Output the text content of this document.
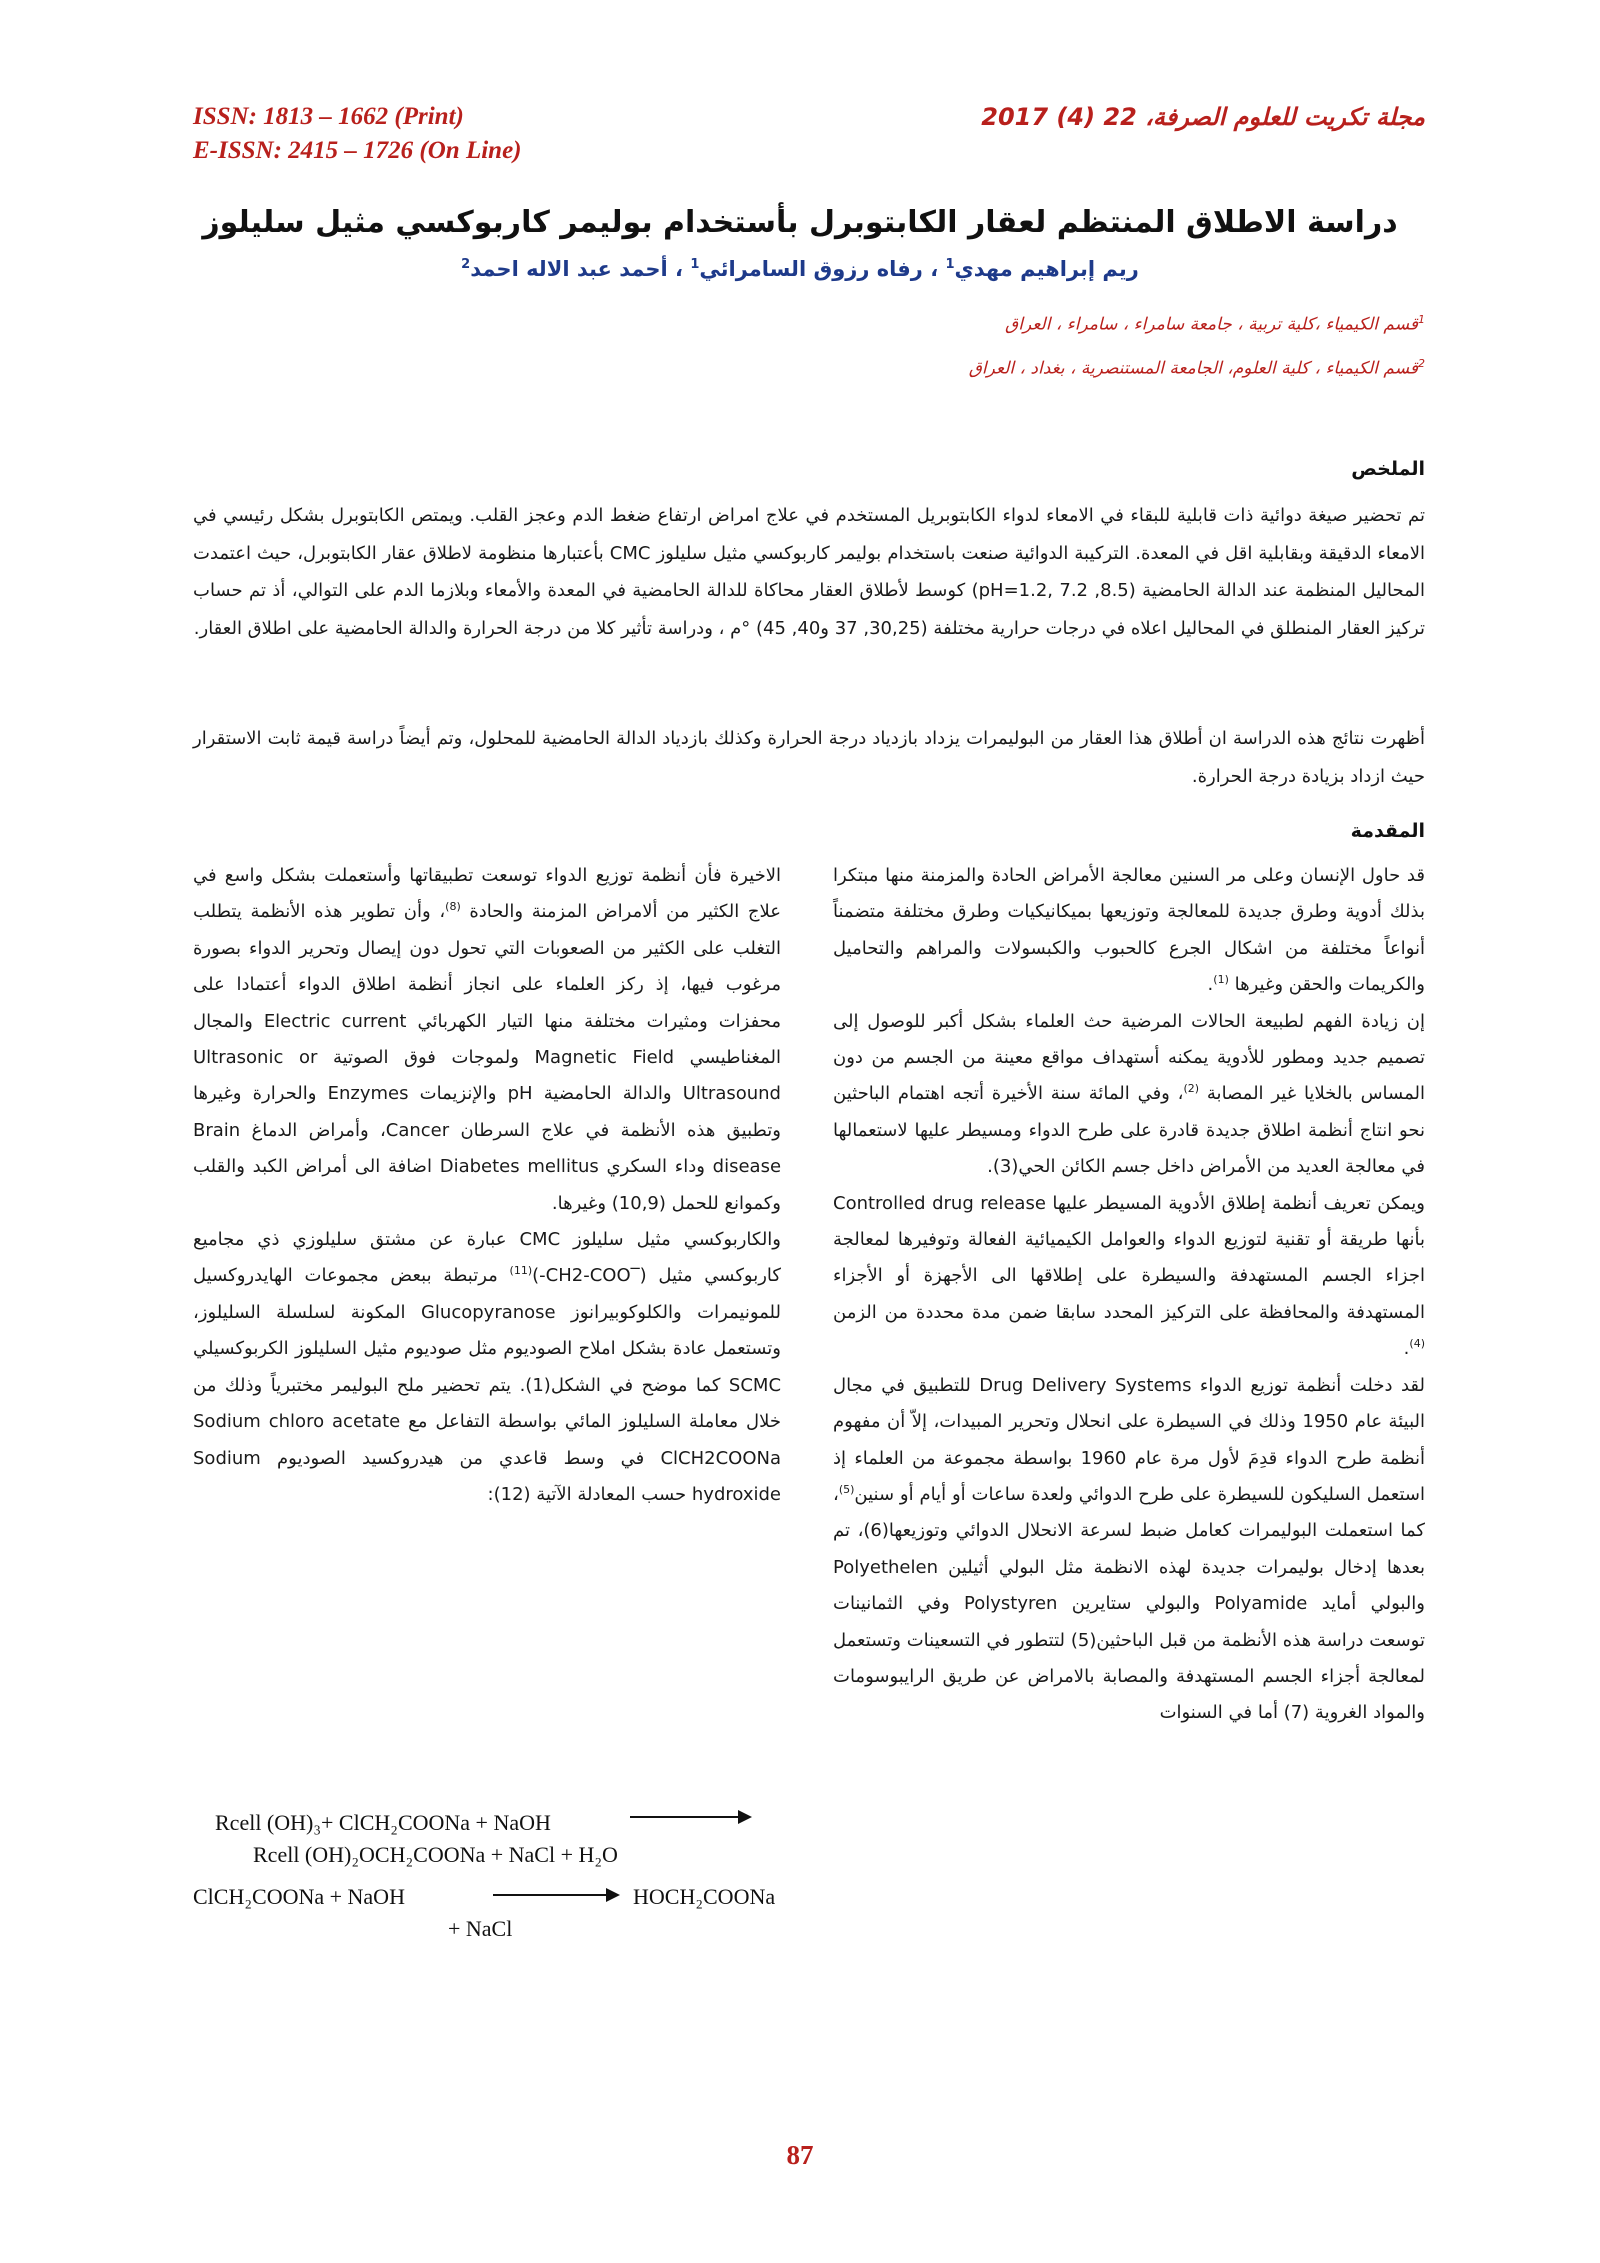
ISSN: 1813 – 1662 (Print)
E-ISSN: 2415 – 1726 (On Line)
مجلة تكريت للعلوم الصرفة، 22 (4) 2017
دراسة الاطلاق المنتظم لعقار الكابتوبرل بأستخدام بوليمر كاربوكسي مثيل سليلوز
ريم إبراهيم مهدي$^1$ ، رفاه رزوق السامرائي$^1$ ، أحمد عبد الاله احمد$^2$
$^1$قسم الكيمياء ،كلية تربية ، جامعة سامراء ، سامراء ، العراق
$^2$قسم الكيمياء ، كلية العلوم، الجامعة المستنصرية ، بغداد ، العراق
الملخص
تم تحضير صيغة دوائية ذات قابلية للبقاء في الامعاء لدواء الكابتوبريل المستخدم في علاج امراض ارتفاع ضغط الدم وعجز القلب. ويمتص الكابتوبرل بشكل رئيسي في الامعاء الدقيقة وبقابلية اقل في المعدة. التركيبة الدوائية صنعت باستخدام بوليمر كاربوكسي مثيل سليلوز CMC بأعتبارها منظومة لاطلاق عقار الكابتوبرل، حيث اعتمدت المحاليل المنظمة عند الدالة الحامضية (pH=1.2, 7.2 ,8.5) كوسط لأطلاق العقار محاكاة للدالة الحامضية في المعدة والأمعاء وبلازما الدم على التوالي، أذ تم حساب تركيز العقار المنطلق في المحاليل اعلاه في درجات حرارية مختلفة (30,25, 37 و40, 45) °م ، ودراسة تأثير كلا من درجة الحرارة والدالة الحامضية على اطلاق العقار.
أظهرت نتائج هذه الدراسة ان أطلاق هذا العقار من البوليمرات يزداد بازدياد درجة الحرارة وكذلك بازدياد الدالة الحامضية للمحلول، وتم أيضاً دراسة قيمة ثابت الاستقرار حيث ازداد بزيادة درجة الحرارة.
المقدمة

قد حاول الإنسان وعلى مر السنين معالجة الأمراض الحادة والمزمنة منها مبتكرا بذلك أدوية وطرق جديدة للمعالجة وتوزيعها بميكانيكيات وطرق مختلفة متضمناً أنواعاً مختلفة من اشكال الجرع كالحبوب والكبسولات والمراهم والتحاميل والكريمات والحقن وغيرها $^{(1)}$.

إن زيادة الفهم لطبيعة الحالات المرضية حث العلماء بشكل أكبر للوصول إلى تصميم جديد ومطور للأدوية يمكنه أستهداف مواقع معينة من الجسم من دون المساس بالخلايا غير المصابة $^{(2)}$، وفي المائة سنة الأخيرة أتجه اهتمام الباحثين نحو انتاج أنظمة اطلاق جديدة قادرة على طرح الدواء ومسيطر عليها لاستعمالها في معالجة العديد من الأمراض داخل جسم الكائن الحي(3).

ويمكن تعريف أنظمة إطلاق الأدوية المسيطر عليها Controlled drug release بأنها طريقة أو تقنية لتوزيع الدواء والعوامل الكيميائية الفعالة وتوفيرها لمعالجة اجزاء الجسم المستهدفة والسيطرة على إطلاقها الى الأجهزة أو الأجزاء المستهدفة والمحافظة على التركيز المحدد سابقا ضمن مدة محددة من الزمن $^{(4)}$.

لقد دخلت أنظمة توزيع الدواء Drug Delivery Systems للتطبيق في مجال البيئة عام 1950 وذلك في السيطرة على انحلال وتحرير المبيدات، إلاّ أن مفهوم أنظمة طرح الدواء قدِمَ لأول مرة عام 1960 بواسطة مجموعة من العلماء إذ استعمل السليكون للسيطرة على طرح الدوائي ولعدة ساعات أو أيام أو سنين$^{(5)}$، كما استعملت البوليمرات كعامل ضبط لسرعة الانحلال الدوائي وتوزيعها(6)، تم بعدها إدخال بوليمرات جديدة لهذه الانظمة مثل البولي أثيلين Polyethelen والبولي أمايد Polyamide والبولي ستايرين Polystyren وفي الثمانينات توسعت دراسة هذه الأنظمة من قبل الباحثين(5) لتتطور في التسعينات وتستعمل لمعالجة أجزاء الجسم المستهدفة والمصابة بالامراض عن طريق الرايبوسومات والمواد الغروية (7) أما في السنوات

الاخيرة فأن أنظمة توزيع الدواء توسعت تطبيقاتها وأستعملت بشكل واسع في علاج الكثير من ألامراض المزمنة والحادة $^{(8)}$، وأن تطوير هذه الأنظمة يتطلب التغلب على الكثير من الصعوبات التي تحول دون إيصال وتحرير الدواء بصورة مرغوب فيها، إذ ركز العلماء على انجاز أنظمة اطلاق الدواء أعتمادا على محفزات ومثيرات مختلفة منها التيار الكهربائي Electric current والمجال المغناطيسي Magnetic Field ولموجات فوق الصوتية Ultrasonic or Ultrasound والدالة الحامضية pH والإنزيمات Enzymes والحرارة وغيرها وتطبيق هذه الأنظمة في علاج السرطان Cancer، وأمراض الدماغ Brain disease وداء السكري Diabetes mellitus اضافة الى أمراض الكبد والقلب وكموانع للحمل (10,9) وغيرها.

والكاربوكسي مثيل سليلوز CMC عبارة عن مشتق سليلوزي ذي مجاميع كاربوكسي مثيل (‾CH2-COO-)$^{(11)}$ مرتبطة ببعض مجموعات الهايدروكسيل للمونيمرات والكلوكوبيرانوز Glucopyranose المكونة لسلسلة السليلوز، وتستعمل عادة بشكل املاح الصوديوم مثل صوديوم مثيل السليلوز الكربوكسيلي SCMC كما موضح في الشكل(1). يتم تحضير ملح البوليمر مختبرياً وذلك من خلال معاملة السليلوز المائي بواسطة التفاعل مع Sodium chloro acetate ClCH2COONa في وسط قاعدي من هيدروكسيد الصوديوم Sodium hydroxide حسب المعادلة الآتية (12):

Rcell (OH)₃+ ClCH₂COONa + NaOH
Rcell (OH)₂OCH₂COONa + NaCl + H₂O
ClCH₂COONa + NaOH	HOCH₂COONa
+ NaCl
87
